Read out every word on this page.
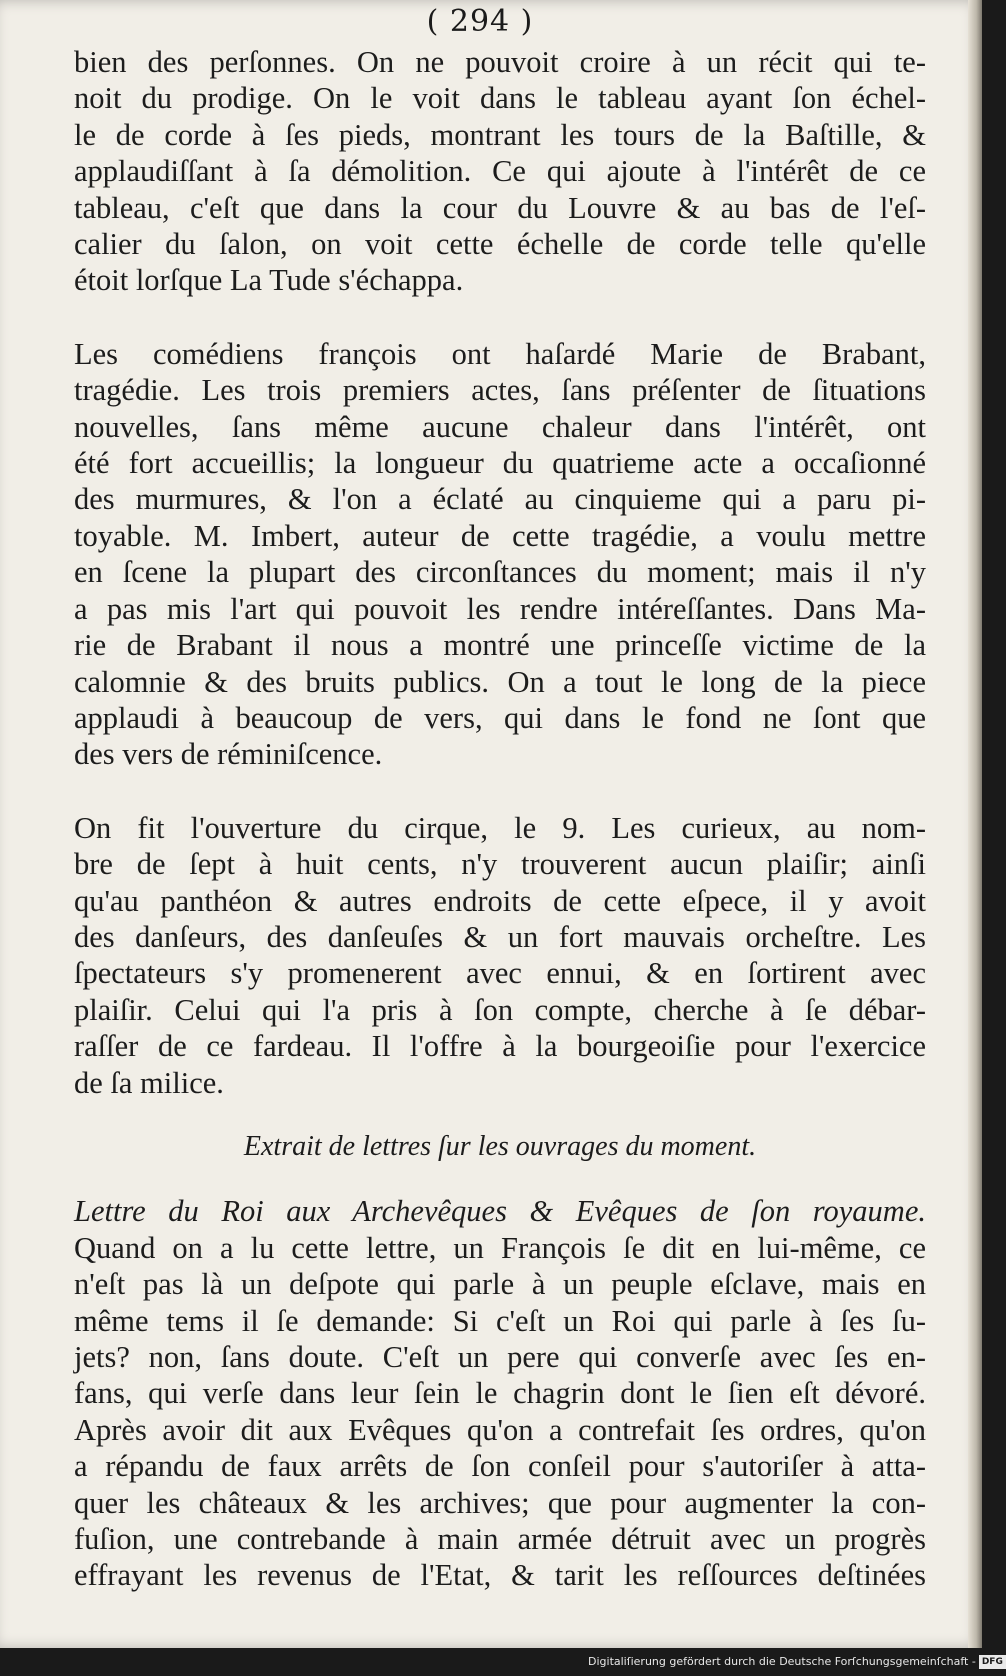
( 294 )

bien des perſonnes. On ne pouvoit croire à un récit qui te-
noit du prodige. On le voit dans le tableau ayant ſon échel-
le de corde à ſes pieds, montrant les tours de la Baſtille, &
applaudiſſant à ſa démolition. Ce qui ajoute à l'intérêt de ce
tableau, c'eſt que dans la cour du Louvre & au bas de l'eſ-
calier du ſalon, on voit cette échelle de corde telle qu'elle
étoit lorſque La Tude s'échappa.

Les comédiens françois ont haſardé Marie de Brabant,
tragédie. Les trois premiers actes, ſans préſenter de ſituations
nouvelles, ſans même aucune chaleur dans l'intérêt, ont
été fort accueillis; la longueur du quatrieme acte a occaſionné
des murmures, & l'on a éclaté au cinquieme qui a paru pi-
toyable. M. Imbert, auteur de cette tragédie, a voulu mettre
en ſcene la plupart des circonſtances du moment; mais il n'y
a pas mis l'art qui pouvoit les rendre intéreſſantes. Dans Ma-
rie de Brabant il nous a montré une princeſſe victime de la
calomnie & des bruits publics. On a tout le long de la piece
applaudi à beaucoup de vers, qui dans le fond ne ſont que
des vers de réminiſcence.

On fit l'ouverture du cirque, le 9. Les curieux, au nom-
bre de ſept à huit cents, n'y trouverent aucun plaiſir; ainſi
qu'au panthéon & autres endroits de cette eſpece, il y avoit
des danſeurs, des danſeuſes & un fort mauvais orcheſtre. Les
ſpectateurs s'y promenerent avec ennui, & en ſortirent avec
plaiſir. Celui qui l'a pris à ſon compte, cherche à ſe débar-
raſſer de ce fardeau. Il l'offre à la bourgeoiſie pour l'exercice
de ſa milice.

Extrait de lettres ſur les ouvrages du moment.

Lettre du Roi aux Archevêques & Evêques de ſon royaume.
Quand on a lu cette lettre, un François ſe dit en lui-même, ce
n'eſt pas là un deſpote qui parle à un peuple eſclave, mais en
même tems il ſe demande: Si c'eſt un Roi qui parle à ſes ſu-
jets? non, ſans doute. C'eſt un pere qui converſe avec ſes en-
fans, qui verſe dans leur ſein le chagrin dont le ſien eſt dévoré.
Après avoir dit aux Evêques qu'on a contrefait ſes ordres, qu'on
a répandu de faux arrêts de ſon conſeil pour s'autoriſer à atta-
quer les châteaux & les archives; que pour augmenter la con-
fuſion, une contrebande à main armée détruit avec un progrès
effrayant les revenus de l'Etat, & tarit les reſſources deſtinées

Digitaliſierung gefördert durch die Deutsche Forſchungsgemeinſchaft - DFG
